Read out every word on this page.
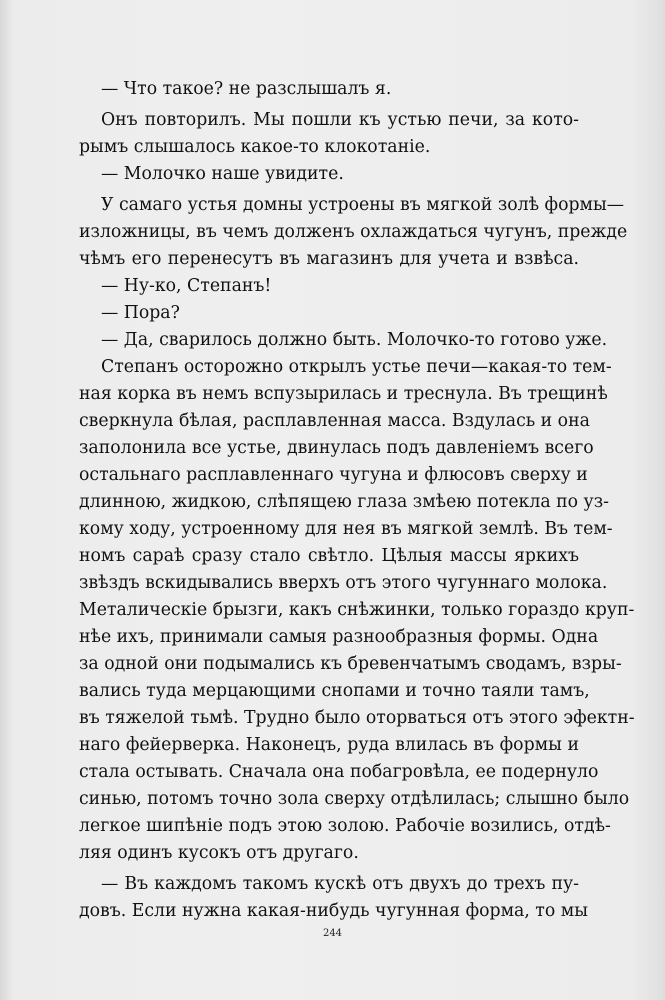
— Что такое? не разслышалъ я.
Онъ повторилъ. Мы пошли къ устью печи, за кото-
рымъ слышалось какое-то клокотанiе.
— Молочко наше увидите.
У самаго устья домны устроены въ мягкой золѣ формы—
изложницы, въ чемъ долженъ охлаждаться чугунъ, прежде
чѣмъ его перенесутъ въ магазинъ для учета и взвѣса.
— Ну-ко, Степанъ!
— Пора?
— Да, сварилось должно быть. Молочко-то готово уже.
Степанъ осторожно открылъ устье печи—какая-то тем-
ная корка въ немъ вспузырилась и треснула. Въ трещинѣ
сверкнула бѣлая, расплавленная масса. Вздулась и она
заполонила все устье, двинулась подъ давленiемъ всего
остальнаго расплавленнаго чугуна и флюсовъ сверху и
длинною, жидкою, слѣпящею глаза змѣею потекла по уз-
кому ходу, устроенному для нея въ мягкой землѣ. Въ тем-
номъ сараѣ сразу стало свѣтло. Цѣлыя массы яркихъ
звѣздъ вскидывались вверхъ отъ этого чугуннаго молока.
Металическiе брызги, какъ снѣжинки, только гораздо круп-
нѣе ихъ, принимали самыя разнообразныя формы. Одна
за одной они подымались къ бревенчатымъ сводамъ, взры-
вались туда мерцающими снопами и точно таяли тамъ,
въ тяжелой тьмѣ. Трудно было оторваться отъ этого эфектн-
наго фейерверка. Наконецъ, руда влилась въ формы и
стала остывать. Сначала она побагровѣла, ее подернуло
синью, потомъ точно зола сверху отдѣлилась; слышно было
легкое шипѣнiе подъ этою золою. Рабочiе возились, отдѣ-
ляя одинъ кусокъ отъ другаго.
— Въ каждомъ такомъ кускѣ отъ двухъ до трехъ пу-
довъ. Если нужна какая-нибудь чугунная форма, то мы
244
